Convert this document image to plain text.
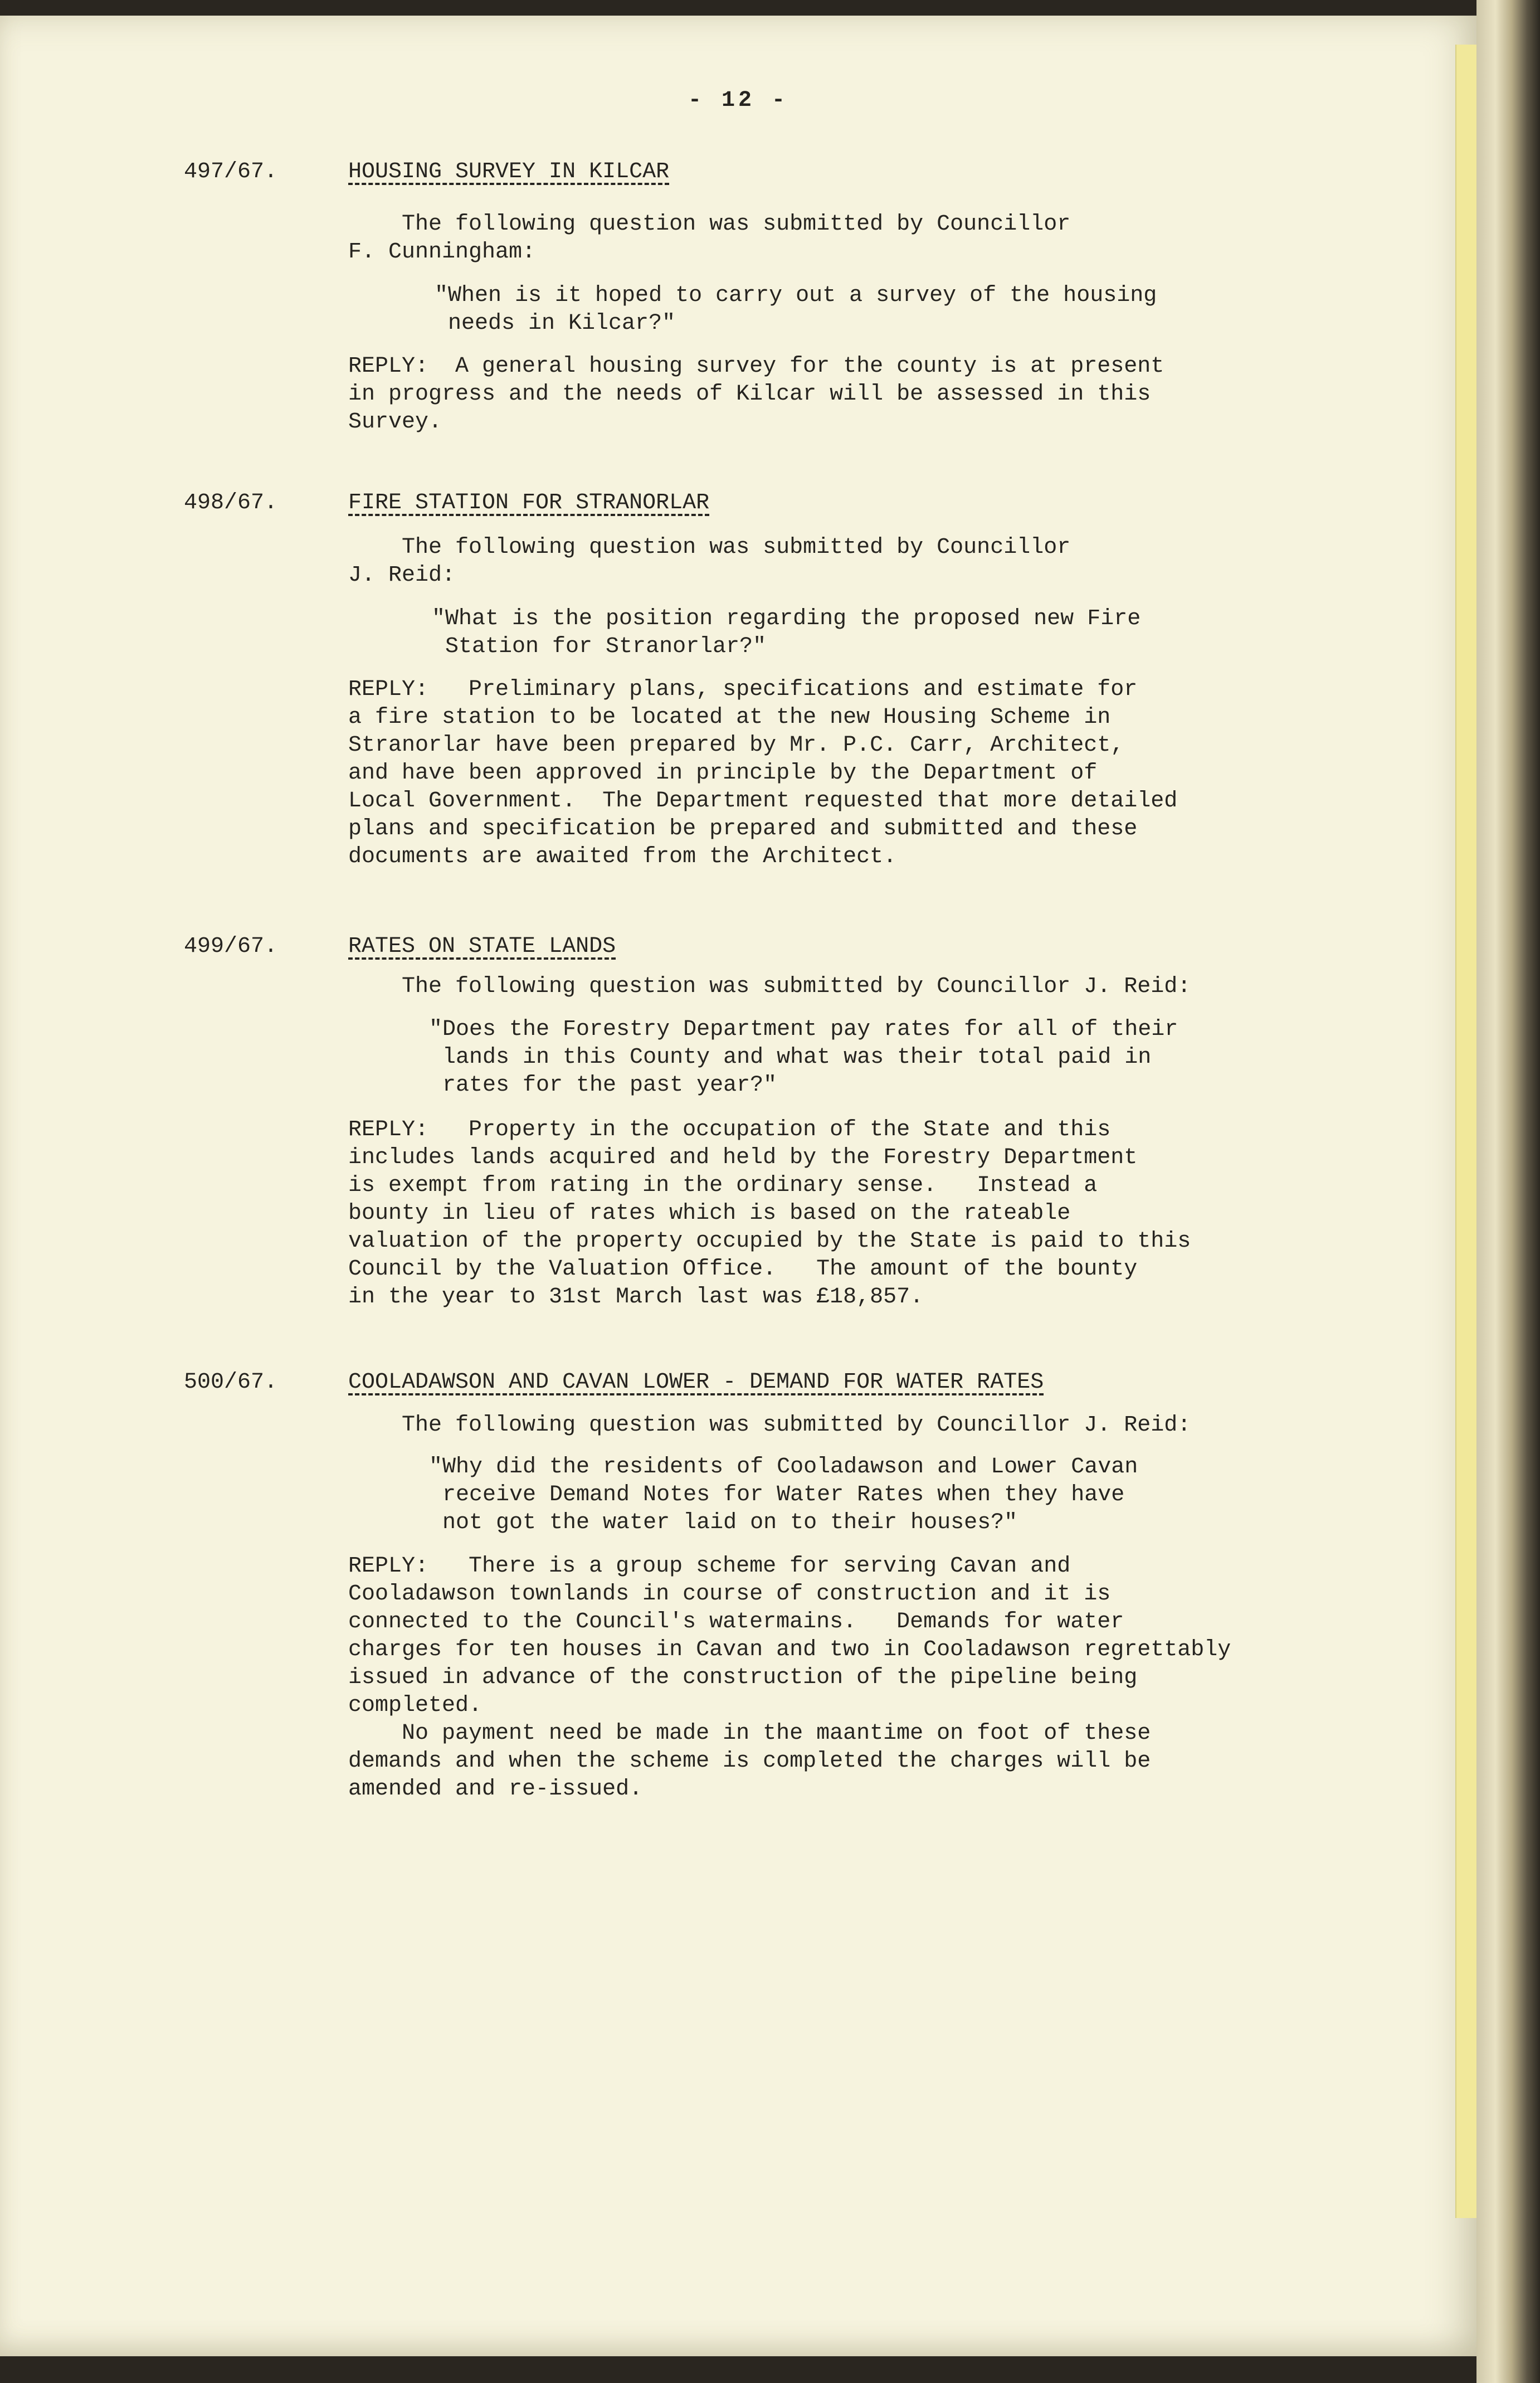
- 12 -
497/67.	HOUSING SURVEY IN KILCAR
The following question was submitted by Councillor
F. Cunningham:
"When is it hoped to carry out a survey of the housing
needs in Kilcar?"
REPLY:  A general housing survey for the county is at present
in progress and the needs of Kilcar will be assessed in this
Survey.
498/67.	FIRE STATION FOR STRANORLAR
The following question was submitted by Councillor
J. Reid:
"What is the position regarding the proposed new Fire
Station for Stranorlar?"
REPLY:   Preliminary plans, specifications and estimate for
a fire station to be located at the new Housing Scheme in
Stranorlar have been prepared by Mr. P.C. Carr, Architect,
and have been approved in principle by the Department of
Local Government.  The Department requested that more detailed
plans and specification be prepared and submitted and these
documents are awaited from the Architect.
499/67.	RATES ON STATE LANDS
The following question was submitted by Councillor J. Reid:
"Does the Forestry Department pay rates for all of their
lands in this County and what was their total paid in
rates for the past year?"
REPLY:   Property in the occupation of the State and this
includes lands acquired and held by the Forestry Department
is exempt from rating in the ordinary sense.   Instead a
bounty in lieu of rates which is based on the rateable
valuation of the property occupied by the State is paid to this
Council by the Valuation Office.   The amount of the bounty
in the year to 31st March last was £18,857.
500/67.	COOLADAWSON AND CAVAN LOWER - DEMAND FOR WATER RATES
The following question was submitted by Councillor J. Reid:
"Why did the residents of Cooladawson and Lower Cavan
receive Demand Notes for Water Rates when they have
not got the water laid on to their houses?"
REPLY:   There is a group scheme for serving Cavan and
Cooladawson townlands in course of construction and it is
connected to the Council's watermains.   Demands for water
charges for ten houses in Cavan and two in Cooladawson regrettably
issued in advance of the construction of the pipeline being
completed.
No payment need be made in the maantime on foot of these
demands and when the scheme is completed the charges will be
amended and re-issued.
